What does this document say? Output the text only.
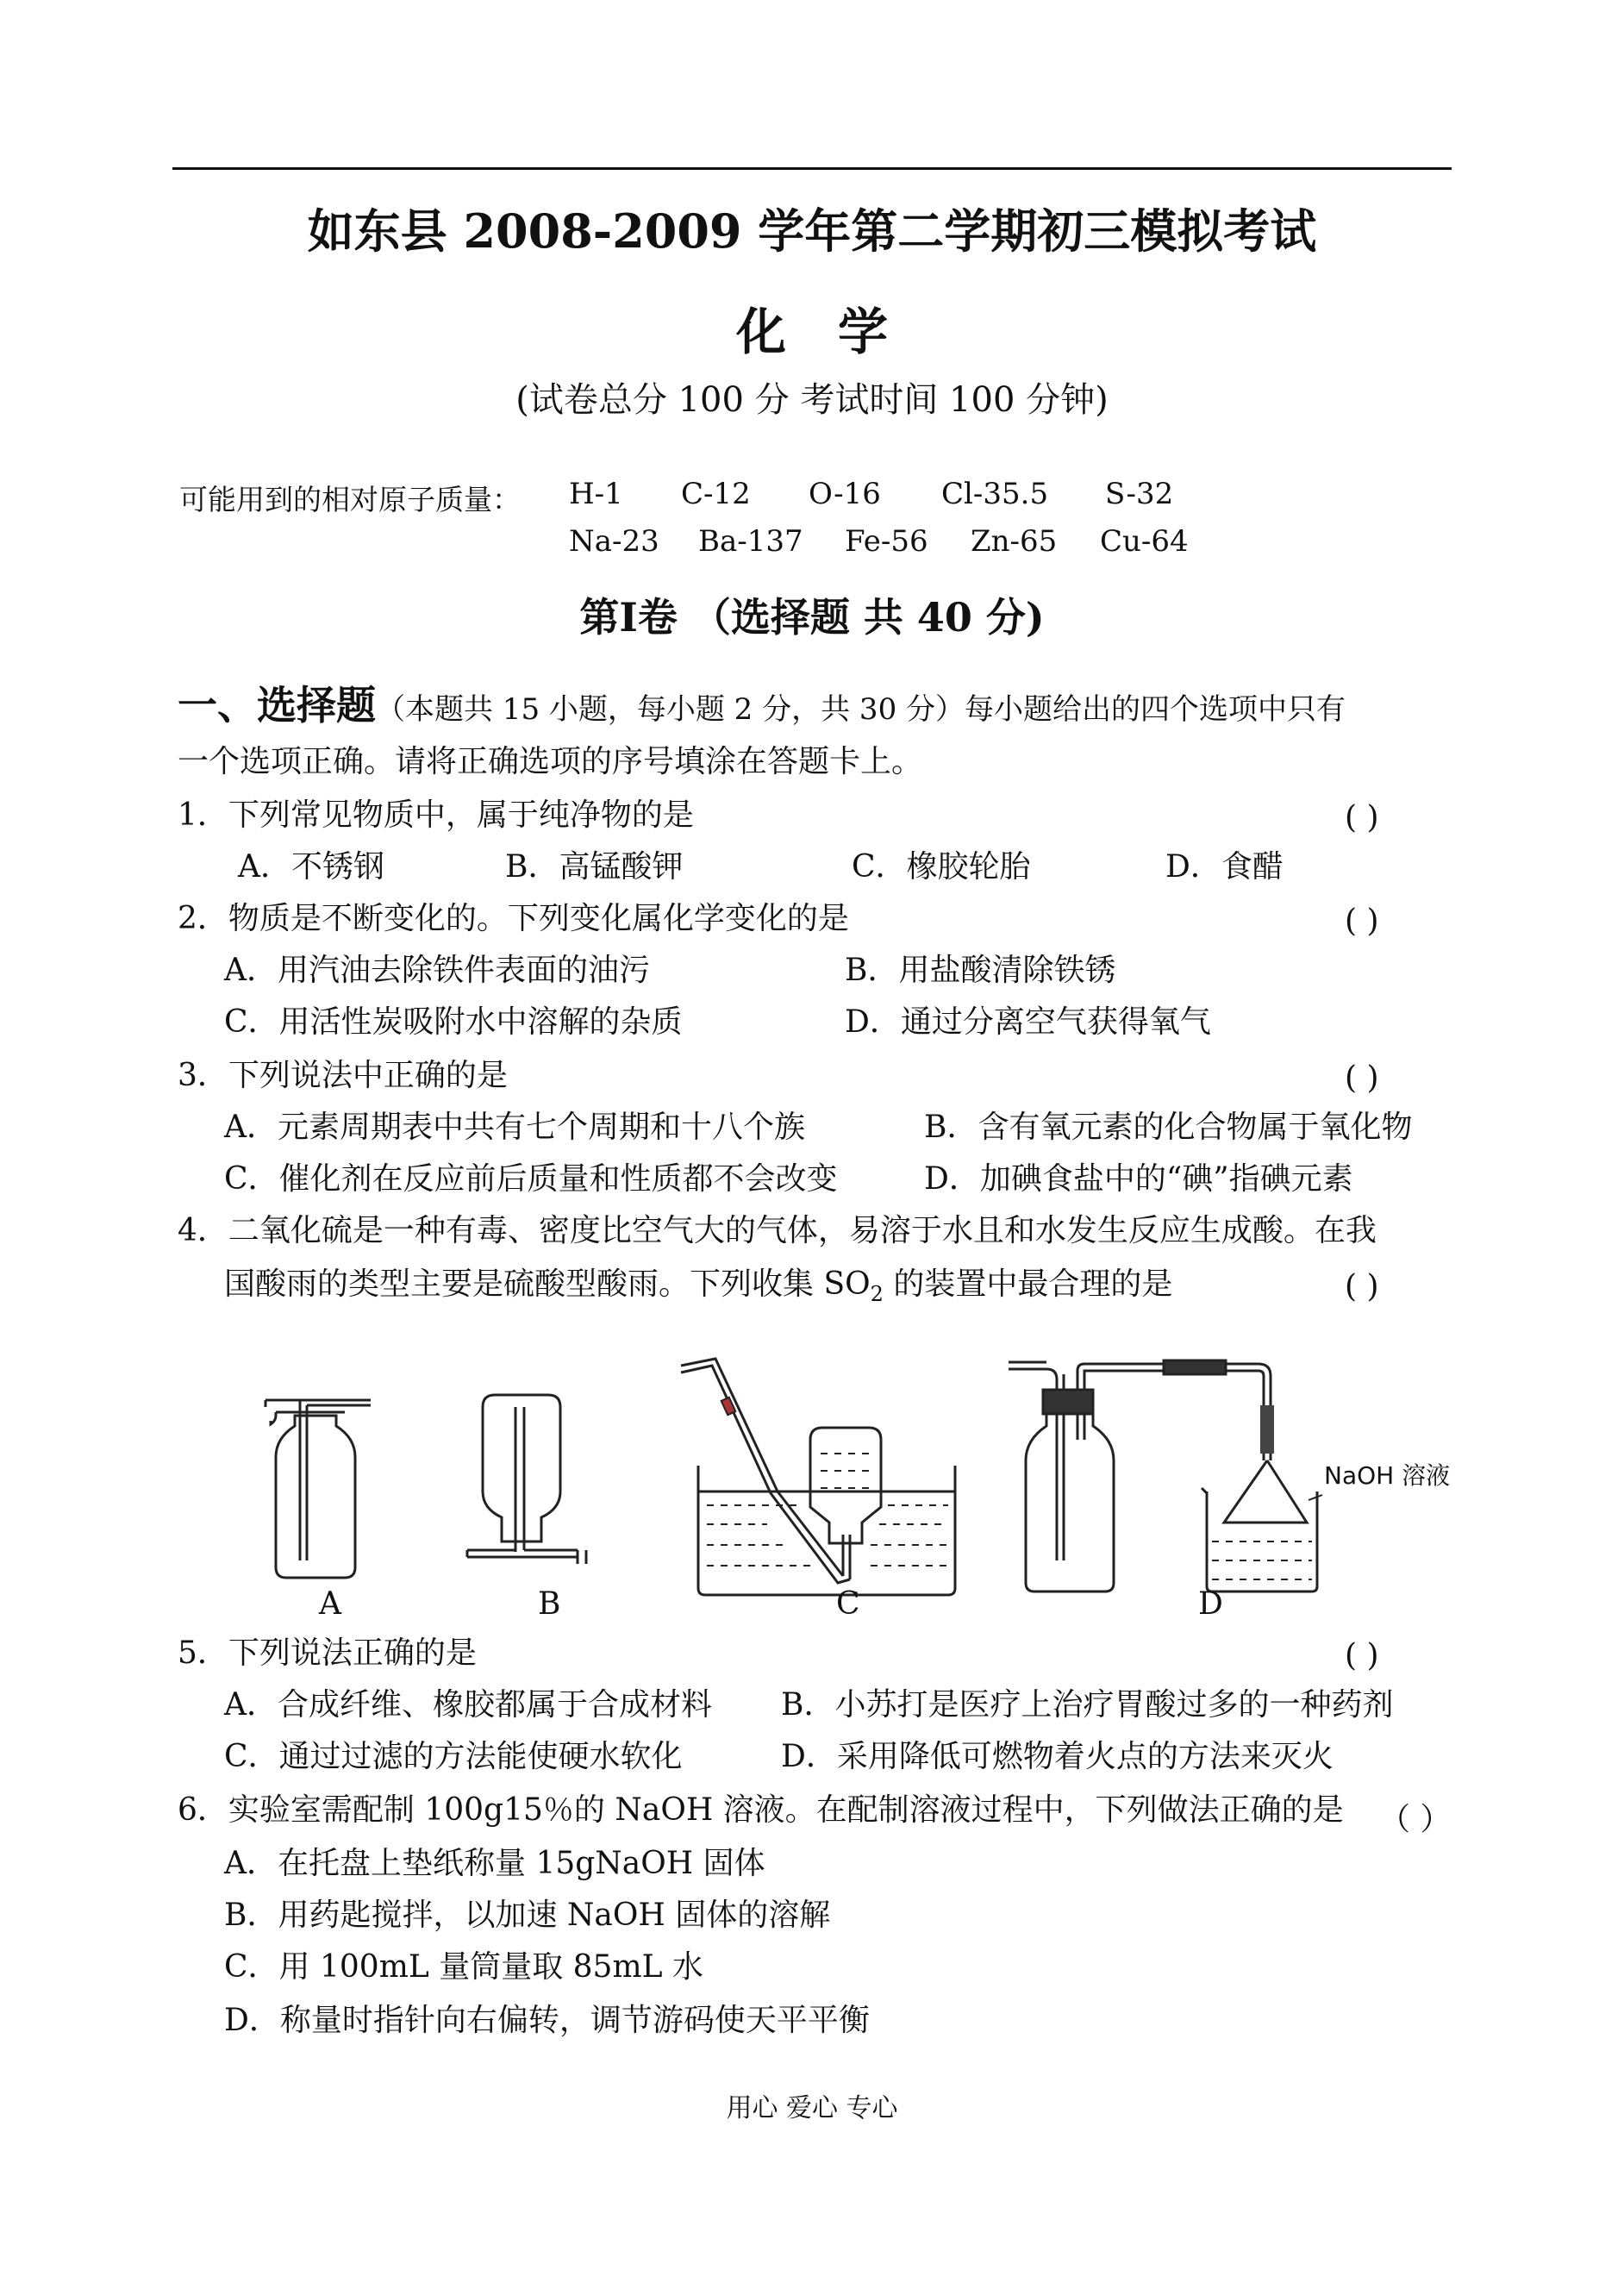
如东县 2008-2009 学年第二学期初三模拟考试
化学
(试卷总分 100 分 考试时间 100 分钟)
可能用到的相对原子质量： H-1 C-12 O-16 Cl-35.5 S-32
Na-23 Ba-137 Fe-56 Zn-65 Cu-64
第Ⅰ卷 （选择题 共 40 分)
一、选择题（本题共 15 小题，每小题 2 分，共 30 分）每小题给出的四个选项中只有
一个选项正确。请将正确选项的序号填涂在答题卡上。
1．下列常见物质中，属于纯净物的是	( )
A．不锈钢	B．高锰酸钾	C．橡胶轮胎	D．食醋
2．物质是不断变化的。下列变化属化学变化的是	( )
A．用汽油去除铁件表面的油污	B．用盐酸清除铁锈
C．用活性炭吸附水中溶解的杂质	D．通过分离空气获得氧气
3．下列说法中正确的是	( )
A．元素周期表中共有七个周期和十八个族	B．含有氧元素的化合物属于氧化物
C．催化剂在反应前后质量和性质都不会改变	D．加碘食盐中的“碘”指碘元素
4．二氧化硫是一种有毒、密度比空气大的气体，易溶于水且和水发生反应生成酸。在我
国酸雨的类型主要是硫酸型酸雨。下列收集 $SO_2$ 的装置中最合理的是	( )
NaOH 溶液
A	B	C	D
5．下列说法正确的是	( )
A．合成纤维、橡胶都属于合成材料 B．小苏打是医疗上治疗胃酸过多的一种药剂
C．通过过滤的方法能使硬水软化	D．采用降低可燃物着火点的方法来灭火
6．实验室需配制 100g15％的 NaOH 溶液。在配制溶液过程中，下列做法正确的是 （ ）
A．在托盘上垫纸称量 15gNaOH 固体
B．用药匙搅拌，以加速 NaOH 固体的溶解
C．用 100mL 量筒量取 85mL 水
D．称量时指针向右偏转，调节游码使天平平衡
用心 爱心 专心
